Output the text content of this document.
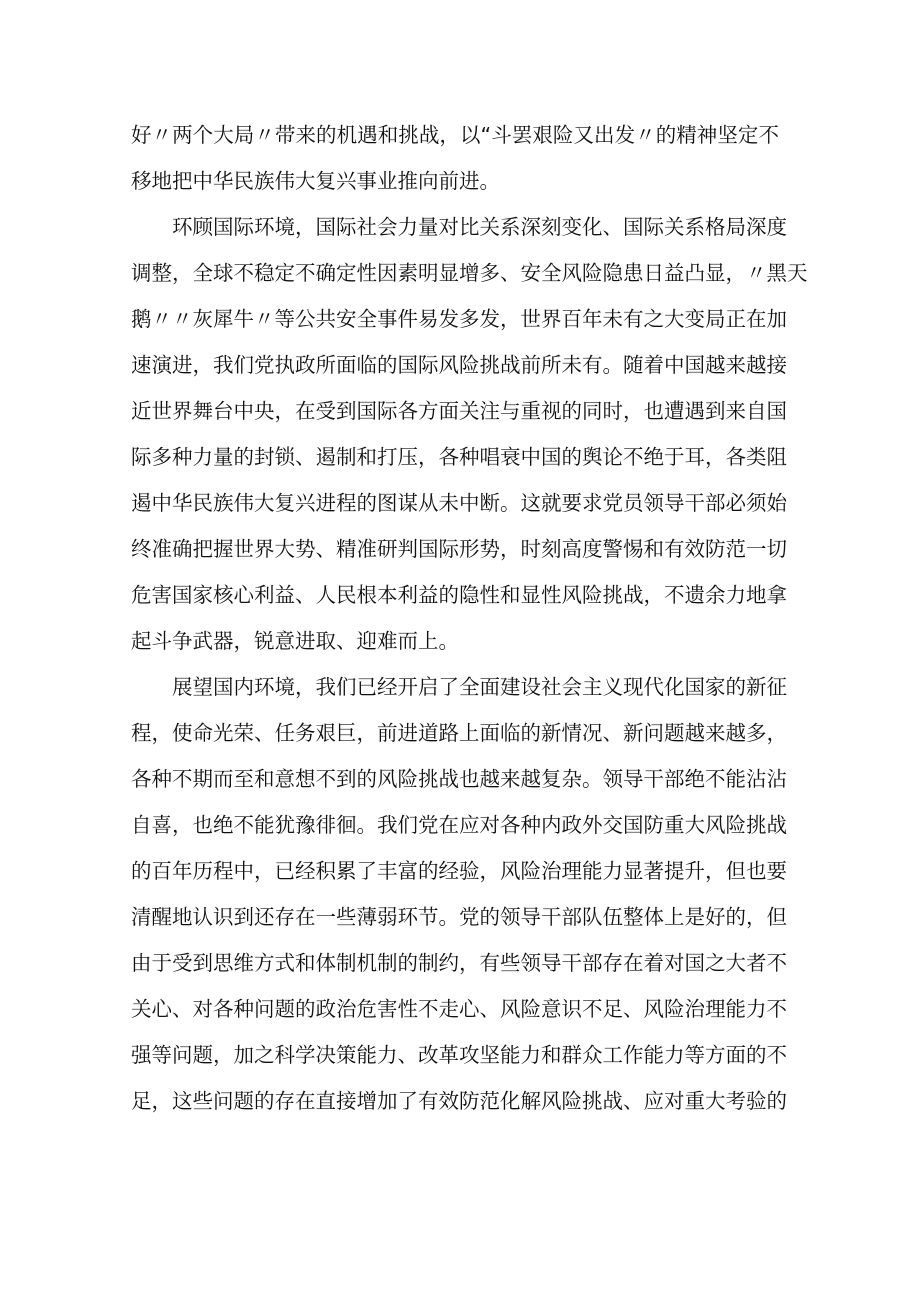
好〃两个大局〃带来的机遇和挑战，以“斗罢艰险又出发〃的精神坚定不
移地把中华民族伟大复兴事业推向前进。
　　环顾国际环境，国际社会力量对比关系深刻变化、国际关系格局深度
调整，全球不稳定不确定性因素明显增多、安全风险隐患日益凸显，〃黑天
鹅〃〃灰犀牛〃等公共安全事件易发多发，世界百年未有之大变局正在加
速演进，我们党执政所面临的国际风险挑战前所未有。随着中国越来越接
近世界舞台中央，在受到国际各方面关注与重视的同时，也遭遇到来自国
际多种力量的封锁、遏制和打压，各种唱衰中国的舆论不绝于耳，各类阻
遏中华民族伟大复兴进程的图谋从未中断。这就要求党员领导干部必须始
终准确把握世界大势、精准研判国际形势，时刻高度警惕和有效防范一切
危害国家核心利益、人民根本利益的隐性和显性风险挑战，不遗余力地拿
起斗争武器，锐意进取、迎难而上。
　　展望国内环境，我们已经开启了全面建设社会主义现代化国家的新征
程，使命光荣、任务艰巨，前进道路上面临的新情况、新问题越来越多，
各种不期而至和意想不到的风险挑战也越来越复杂。领导干部绝不能沾沾
自喜，也绝不能犹豫徘徊。我们党在应对各种内政外交国防重大风险挑战
的百年历程中，已经积累了丰富的经验，风险治理能力显著提升，但也要
清醒地认识到还存在一些薄弱环节。党的领导干部队伍整体上是好的，但
由于受到思维方式和体制机制的制约，有些领导干部存在着对国之大者不
关心、对各种问题的政治危害性不走心、风险意识不足、风险治理能力不
强等问题，加之科学决策能力、改革攻坚能力和群众工作能力等方面的不
足，这些问题的存在直接增加了有效防范化解风险挑战、应对重大考验的
